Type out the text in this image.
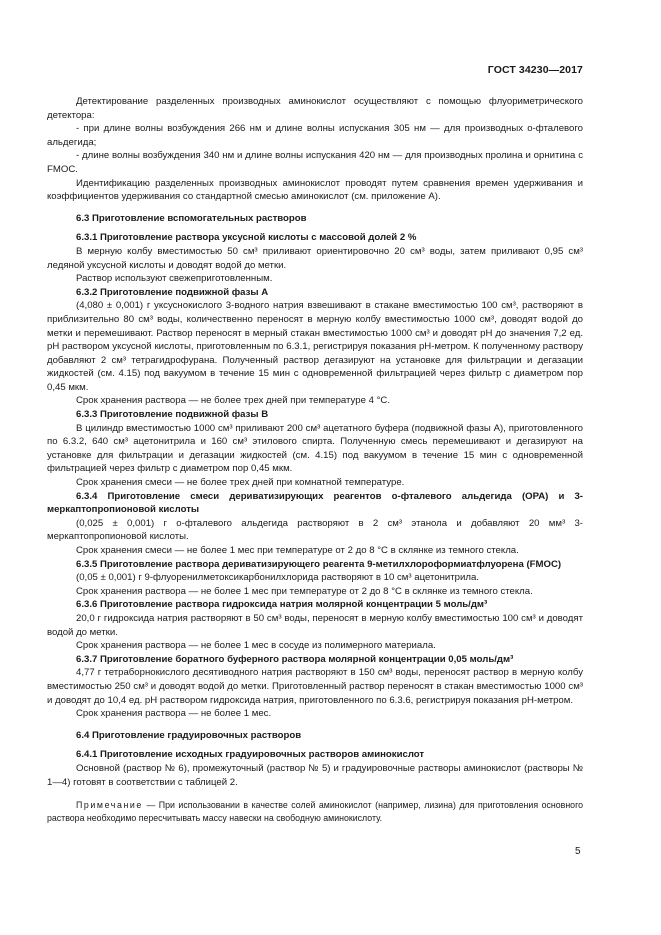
ГОСТ 34230—2017

Детектирование разделенных производных аминокислот осуществляют с помощью флуориметрического детектора:

- при длине волны возбуждения 266 нм и длине волны испускания 305 нм — для производных о-фталевого альдегида;

- длине волны возбуждения 340 нм и длине волны испускания 420 нм — для производных пролина и орнитина с FMOC.

Идентификацию разделенных производных аминокислот проводят путем сравнения времен удерживания и коэффициентов удерживания со стандартной смесью аминокислот (см. приложение А).

6.3 Приготовление вспомогательных растворов

6.3.1 Приготовление раствора уксусной кислоты с массовой долей 2 %

В мерную колбу вместимостью 50 см³ приливают ориентировочно 20 см³ воды, затем приливают 0,95 см³ ледяной уксусной кислоты и доводят водой до метки.

Раствор используют свежеприготовленным.

6.3.2 Приготовление подвижной фазы А

(4,080 ± 0,001) г уксуснокислого 3-водного натрия взвешивают в стакане вместимостью 100 см³, растворяют в приблизительно 80 см³ воды, количественно переносят в мерную колбу вместимостью 1000 см³, доводят водой до метки и перемешивают. Раствор переносят в мерный стакан вместимостью 1000 см³ и доводят pH до значения 7,2 ед. pH раствором уксусной кислоты, приготовленным по 6.3.1, регистрируя показания pH-метром. К полученному раствору добавляют 2 см³ тетрагидрофурана. Полученный раствор дегазируют на установке для фильтрации и дегазации жидкостей (см. 4.15) под вакуумом в течение 15 мин с одновременной фильтрацией через фильтр с диаметром пор 0,45 мкм.

Срок хранения раствора — не более трех дней при температуре 4 °С.

6.3.3 Приготовление подвижной фазы В

В цилиндр вместимостью 1000 см³ приливают 200 см³ ацетатного буфера (подвижной фазы А), приготовленного по 6.3.2, 640 см³ ацетонитрила и 160 см³ этилового спирта. Полученную смесь перемешивают и дегазируют на установке для фильтрации и дегазации жидкостей (см. 4.15) под вакуумом в течение 15 мин с одновременной фильтрацией через фильтр с диаметром пор 0,45 мкм.

Срок хранения смеси — не более трех дней при комнатной температуре.

6.3.4 Приготовление смеси дериватизирующих реагентов о-фталевого альдегида (ОРА) и 3-меркаптопропионовой кислоты

(0,025 ± 0,001) г о-фталевого альдегида растворяют в 2 см³ этанола и добавляют 20 мм³ 3-меркаптопропионовой кислоты.

Срок хранения смеси — не более 1 мес при температуре от 2 до 8 °С в склянке из темного стекла.

6.3.5 Приготовление раствора дериватизирующего реагента 9-метилхлороформиатфлуорена (FMOC)

(0,05 ± 0,001) г 9-флуоренилметоксикарбонилхлорида растворяют в 10 см³ ацетонитрила.

Срок хранения раствора — не более 1 мес при температуре от 2 до 8 °С в склянке из темного стекла.

6.3.6 Приготовление раствора гидроксида натрия молярной концентрации 5 моль/дм³

20,0 г гидроксида натрия растворяют в 50 см³ воды, переносят в мерную колбу вместимостью 100 см³ и доводят водой до метки.

Срок хранения раствора — не более 1 мес в сосуде из полимерного материала.

6.3.7 Приготовление боратного буферного раствора молярной концентрации 0,05 моль/дм³

4,77 г тетраборнокислого десятиводного натрия растворяют в 150 см³ воды, переносят раствор в мерную колбу вместимостью 250 см³ и доводят водой до метки. Приготовленный раствор переносят в стакан вместимостью 1000 см³ и доводят до 10,4 ед. pH раствором гидроксида натрия, приготовленного по 6.3.6, регистрируя показания pH-метром.

Срок хранения раствора — не более 1 мес.

6.4 Приготовление градуировочных растворов

6.4.1 Приготовление исходных градуировочных растворов аминокислот

Основной (раствор № 6), промежуточный (раствор № 5) и градуировочные растворы аминокислот (растворы № 1—4) готовят в соответствии с таблицей 2.

Примечание — При использовании в качестве солей аминокислот (например, лизина) для приготовления основного раствора необходимо пересчитывать массу навески на свободную аминокислоту.

5
